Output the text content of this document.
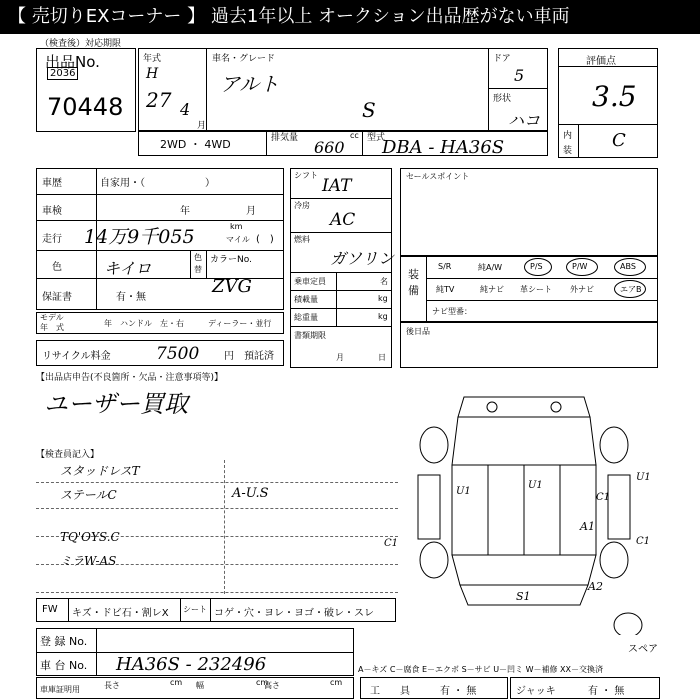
【 売切りEXコーナー 】 過去1年以上 オークション出品歴がない車両
（検査後）対応期限
出品No.
2036
70448
年式
H
27 4
月
車名・グレード
アルト
S
ドア
5
形状
ハコ
2WD ・ 4WD	排気量 660
cc 型式
DBA - HA36S
評価点
3.5
内
装 C
車歴	自家用・（　　　　　　）
車検	年	月
走行 14万9千055	km
マイル (　)
色	キイロ
色
替
カラーNo.
ZVG
保証書	有・無
モデル
年　式	年 ハンドル　左・右	ディーラー・並行
リサイクル料金	7500 円　預託済
シフト
IAT
冷房
AC
燃料
ガソリン
乗車定員	名
積載量	kg
総重量	kg
書類期限
月	日
セールスポイント
装
備
S/R	純A/W	P/S	P/W	ABS
純TV	純ナビ 革シート 外ナビ	エアB
ナビ型番：
後日品
【出品店申告(不良箇所・欠品・注意事項等)】
ユーザー買取
【検査員記入】
スタッドレスT
ステールC	A-U.S
TQ'OYS.C
ミラW-AS
U1
U1
U1
C1
A1
C1	C1
A2
S1
スペア
FW キズ・ドビ石・割レX シート コゲ・穴・ヨレ・ヨゴ・破レ・スレ
登 録 No.
車 台 No. HA36S - 232496	A－キズ C－腐食 E－エクボ S－サビ U－凹ミ W－補修 XX－交換済
車庫証明用	長さ	cm 幅	cm
高さ	cm
工　　具	有 ・ 無	ジャッキ	有 ・ 無
